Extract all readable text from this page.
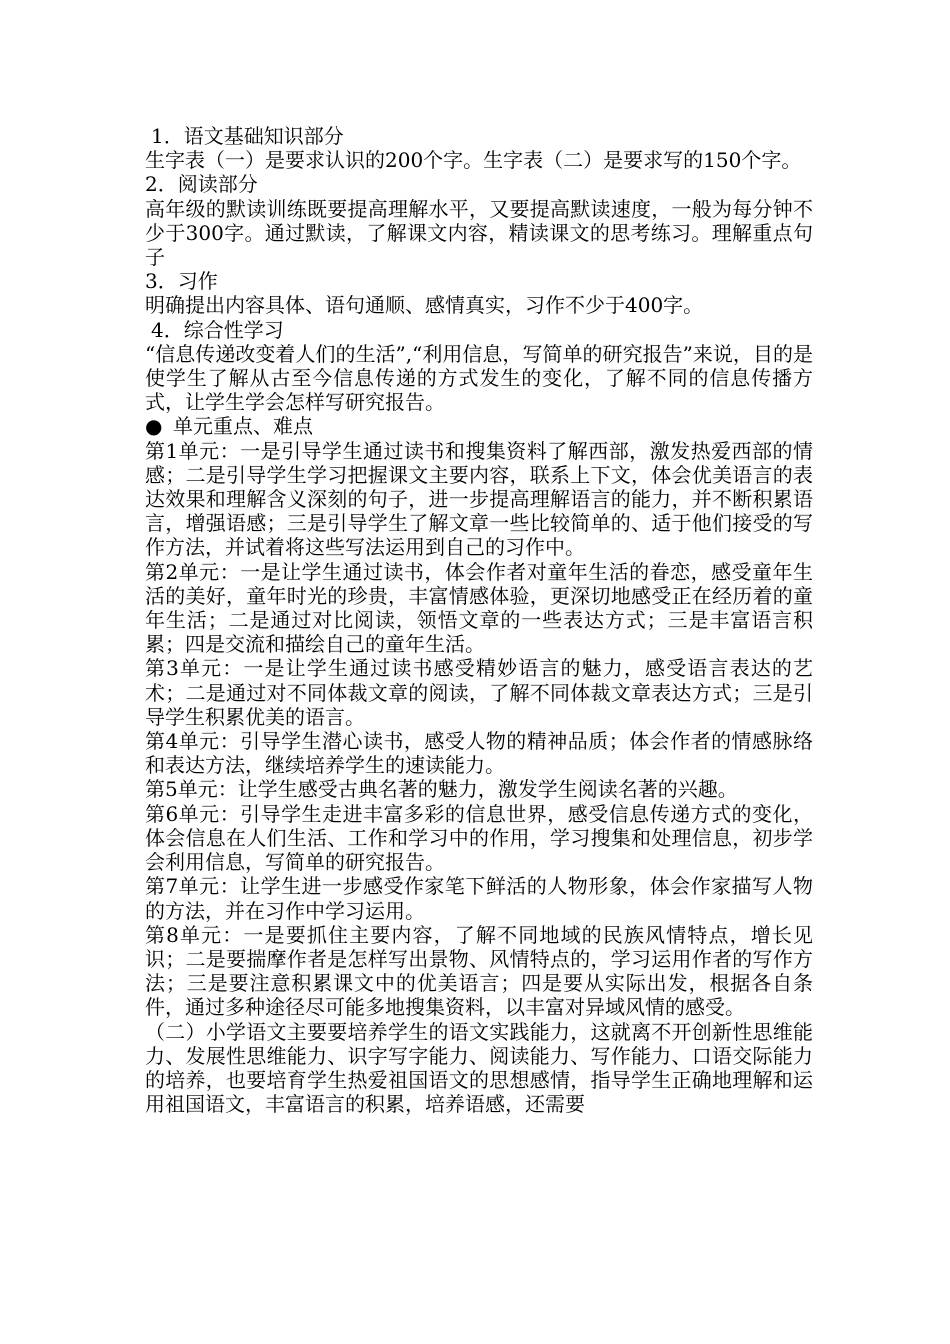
1．语文基础知识部分

生字表（一）是要求认识的200个字。生字表（二）是要求写的150个字。

2．阅读部分

高年级的默读训练既要提高理解水平，又要提高默读速度，一般为每分钟不少于300字。通过默读，了解课文内容，精读课文的思考练习。理解重点句子

3．习作

明确提出内容具体、语句通顺、感情真实，习作不少于400字。

4．综合性学习

“信息传递改变着人们的生活”,“利用信息，写简单的研究报告”来说，目的是使学生了解从古至今信息传递的方式发生的变化，了解不同的信息传播方式，让学生学会怎样写研究报告。

● 单元重点、难点

第1单元：一是引导学生通过读书和搜集资料了解西部，激发热爱西部的情感；二是引导学生学习把握课文主要内容，联系上下文，体会优美语言的表达效果和理解含义深刻的句子，进一步提高理解语言的能力，并不断积累语言，增强语感；三是引导学生了解文章一些比较简单的、适于他们接受的写作方法，并试着将这些写法运用到自己的习作中。

第2单元：一是让学生通过读书，体会作者对童年生活的眷恋，感受童年生活的美好，童年时光的珍贵，丰富情感体验，更深切地感受正在经历着的童年生活；二是通过对比阅读，领悟文章的一些表达方式；三是丰富语言积累；四是交流和描绘自己的童年生活。

第3单元：一是让学生通过读书感受精妙语言的魅力，感受语言表达的艺术；二是通过对不同体裁文章的阅读，了解不同体裁文章表达方式；三是引导学生积累优美的语言。

第4单元：引导学生潜心读书，感受人物的精神品质；体会作者的情感脉络和表达方法，继续培养学生的速读能力。

第5单元：让学生感受古典名著的魅力，激发学生阅读名著的兴趣。

第6单元：引导学生走进丰富多彩的信息世界，感受信息传递方式的变化，体会信息在人们生活、工作和学习中的作用，学习搜集和处理信息，初步学会利用信息，写简单的研究报告。

第7单元：让学生进一步感受作家笔下鲜活的人物形象，体会作家描写人物的方法，并在习作中学习运用。

第8单元：一是要抓住主要内容，了解不同地域的民族风情特点，增长见识；二是要揣摩作者是怎样写出景物、风情特点的，学习运用作者的写作方法；三是要注意积累课文中的优美语言；四是要从实际出发，根据各自条件，通过多种途径尽可能多地搜集资料，以丰富对异域风情的感受。

（二）小学语文主要要培养学生的语文实践能力，这就离不开创新性思维能力、发展性思维能力、识字写字能力、阅读能力、写作能力、口语交际能力的培养，也要培育学生热爱祖国语文的思想感情，指导学生正确地理解和运用祖国语文，丰富语言的积累，培养语感，还需要
